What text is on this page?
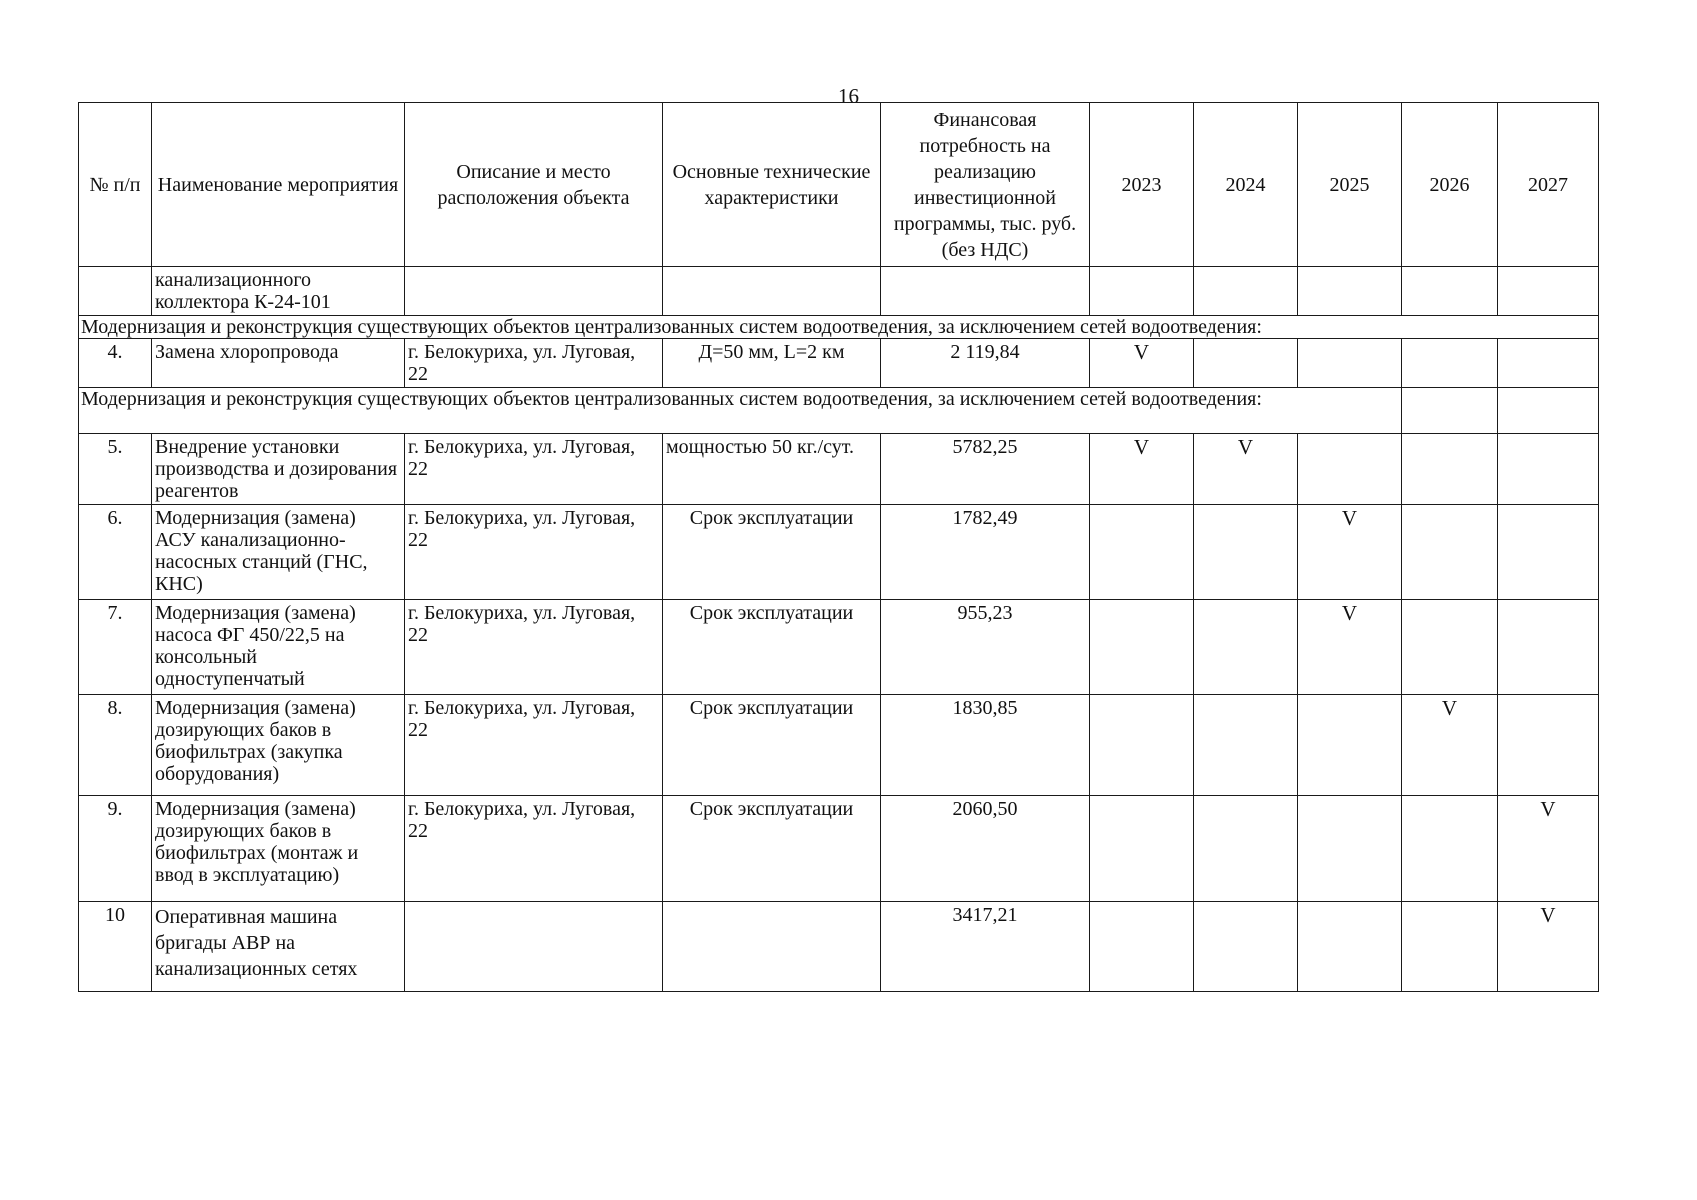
16
№ п/п	Наименование мероприятия	Описание и место расположения объекта	Основные технические характеристики	Финансовая потребность на реализацию инвестиционной программы, тыс. руб. (без НДС)	2023	2024	2025	2026	2027
	канализационного коллектора К-24-101								
Модернизация и реконструкция существующих объектов централизованных систем водоотведения, за исключением сетей водоотведения:									
4.	Замена хлоропровода	г. Белокуриха, ул. Луговая, 22	Д=50 мм, L=2 км	2 119,84	V				
Модернизация и реконструкция существующих объектов централизованных систем водоотведения, за исключением сетей водоотведения:									
5.	Внедрение установки производства и дозирования реагентов	г. Белокуриха, ул. Луговая, 22	мощностью 50 кг./сут.	5782,25	V	V			
6.	Модернизация (замена) АСУ канализационно-насосных станций (ГНС, КНС)	г. Белокуриха, ул. Луговая, 22	Срок эксплуатации	1782,49			V		
7.	Модернизация (замена) насоса ФГ 450/22,5 на консольный одноступенчатый	г. Белокуриха, ул. Луговая, 22	Срок эксплуатации	955,23			V		
8.	Модернизация (замена) дозирующих баков в биофильтрах (закупка оборудования)	г. Белокуриха, ул. Луговая, 22	Срок эксплуатации	1830,85				V	
9.	Модернизация (замена) дозирующих баков в биофильтрах (монтаж и ввод в эксплуатацию)	г. Белокуриха, ул. Луговая, 22	Срок эксплуатации	2060,50					V
10	Оперативная машина бригады АВР на канализационных сетях			3417,21					V
